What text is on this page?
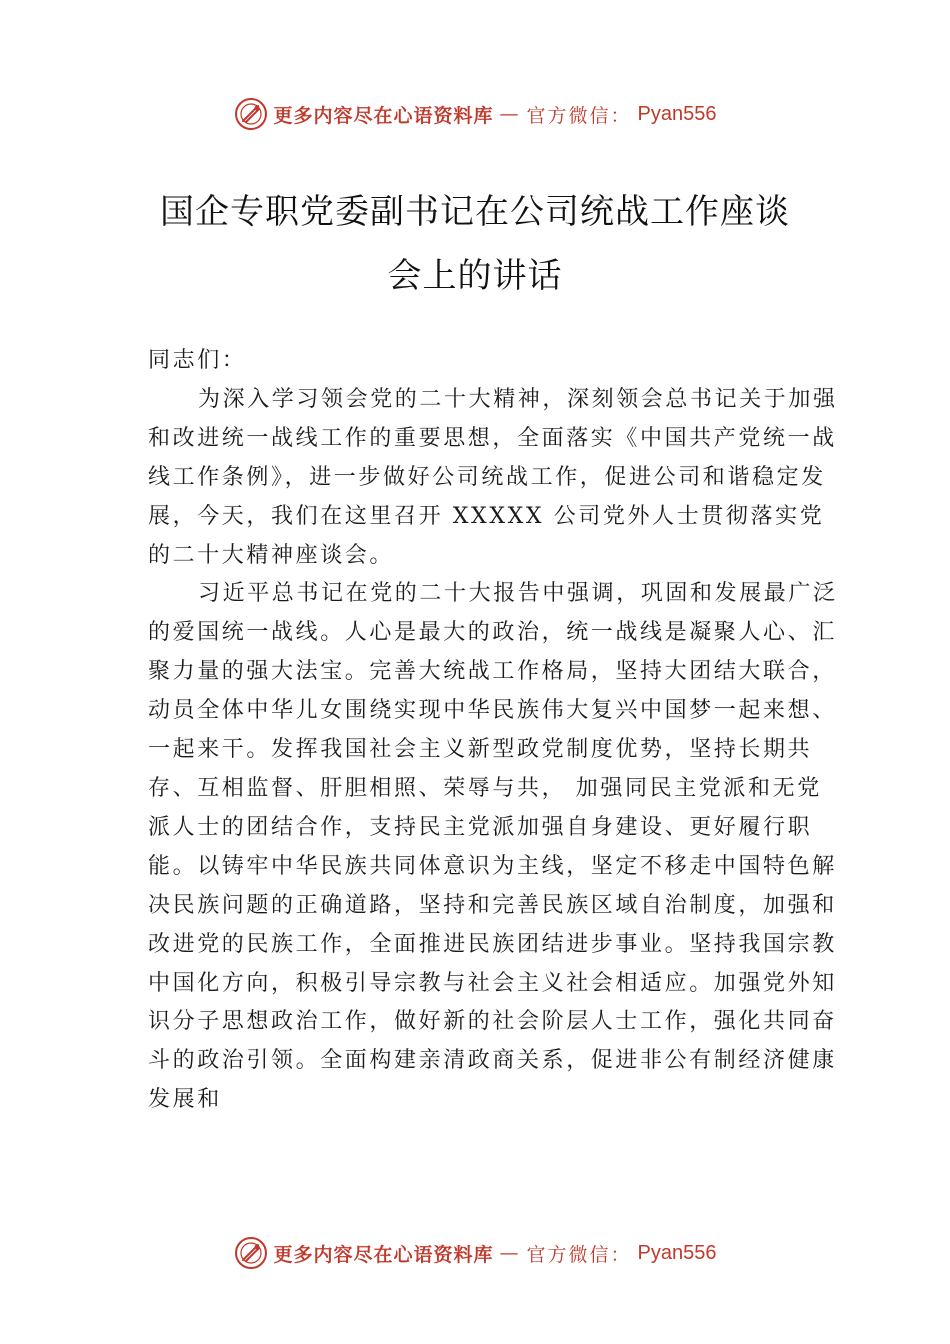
更多内容尽在心语资料库 — 官方微信： Pyan556
国企专职党委副书记在公司统战工作座谈
会上的讲话

同志们：

为深入学习领会党的二十大精神，深刻领会总书记关于加强和改进统一战线工作的重要思想，全面落实《中国共产党统一战线工作条例》，进一步做好公司统战工作，促进公司和谐稳定发展，今天，我们在这里召开 XXXXX 公司党外人士贯彻落实党的二十大精神座谈会。

习近平总书记在党的二十大报告中强调，巩固和发展最广泛的爱国统一战线。人心是最大的政治，统一战线是凝聚人心、汇聚力量的强大法宝。完善大统战工作格局，坚持大团结大联合，动员全体中华儿女围绕实现中华民族伟大复兴中国梦一起来想、一起来干。发挥我国社会主义新型政党制度优势，坚持长期共存、互相监督、肝胆相照、荣辱与共， 加强同民主党派和无党派人士的团结合作，支持民主党派加强自身建设、更好履行职能。以铸牢中华民族共同体意识为主线，坚定不移走中国特色解决民族问题的正确道路，坚持和完善民族区域自治制度，加强和改进党的民族工作，全面推进民族团结进步事业。坚持我国宗教中国化方向，积极引导宗教与社会主义社会相适应。加强党外知识分子思想政治工作，做好新的社会阶层人士工作，强化共同奋斗的政治引领。全面构建亲清政商关系，促进非公有制经济健康发展和

更多内容尽在心语资料库 — 官方微信： Pyan556
